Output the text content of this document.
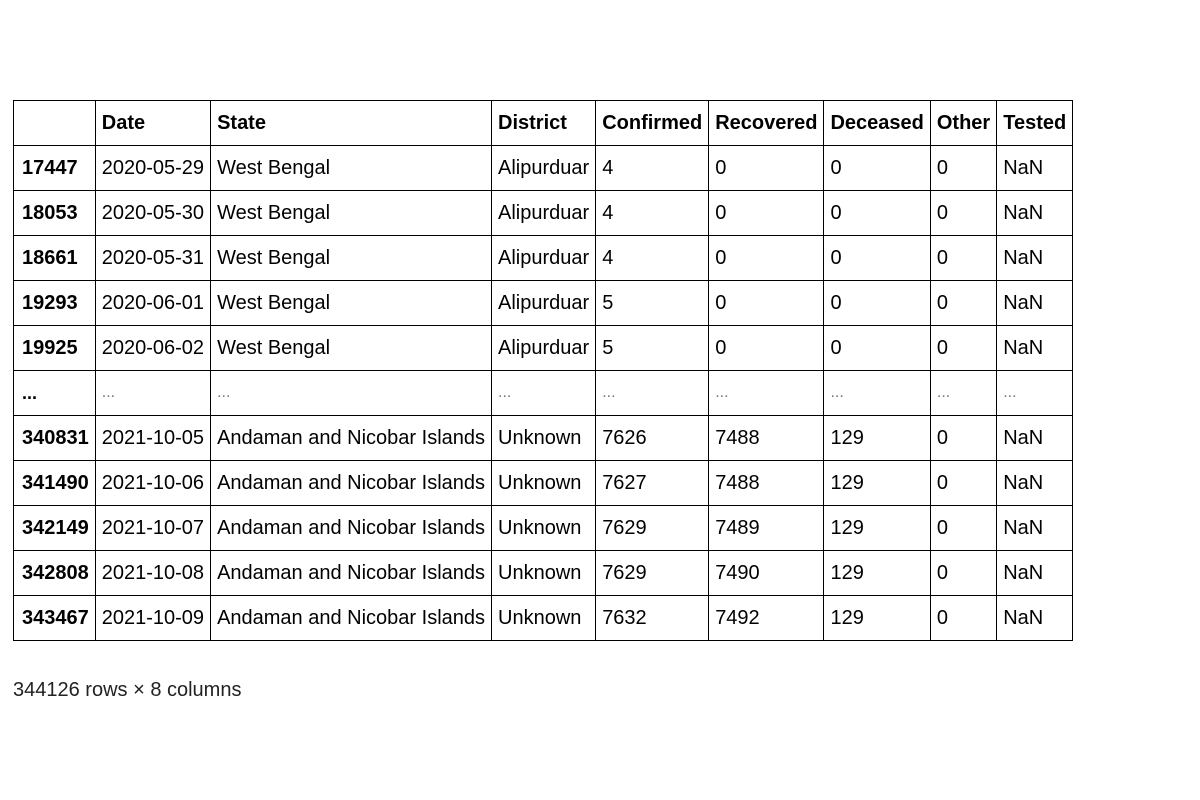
	Date	State	District	Confirmed	Recovered	Deceased	Other	Tested
17447	2020-05-29	West Bengal	Alipurduar	4	0	0	0	NaN
18053	2020-05-30	West Bengal	Alipurduar	4	0	0	0	NaN
18661	2020-05-31	West Bengal	Alipurduar	4	0	0	0	NaN
19293	2020-06-01	West Bengal	Alipurduar	5	0	0	0	NaN
19925	2020-06-02	West Bengal	Alipurduar	5	0	0	0	NaN
...	...	...	...	...	...	...	...	...
340831	2021-10-05	Andaman and Nicobar Islands	Unknown	7626	7488	129	0	NaN
341490	2021-10-06	Andaman and Nicobar Islands	Unknown	7627	7488	129	0	NaN
342149	2021-10-07	Andaman and Nicobar Islands	Unknown	7629	7489	129	0	NaN
342808	2021-10-08	Andaman and Nicobar Islands	Unknown	7629	7490	129	0	NaN
343467	2021-10-09	Andaman and Nicobar Islands	Unknown	7632	7492	129	0	NaN
344126 rows × 8 columns
